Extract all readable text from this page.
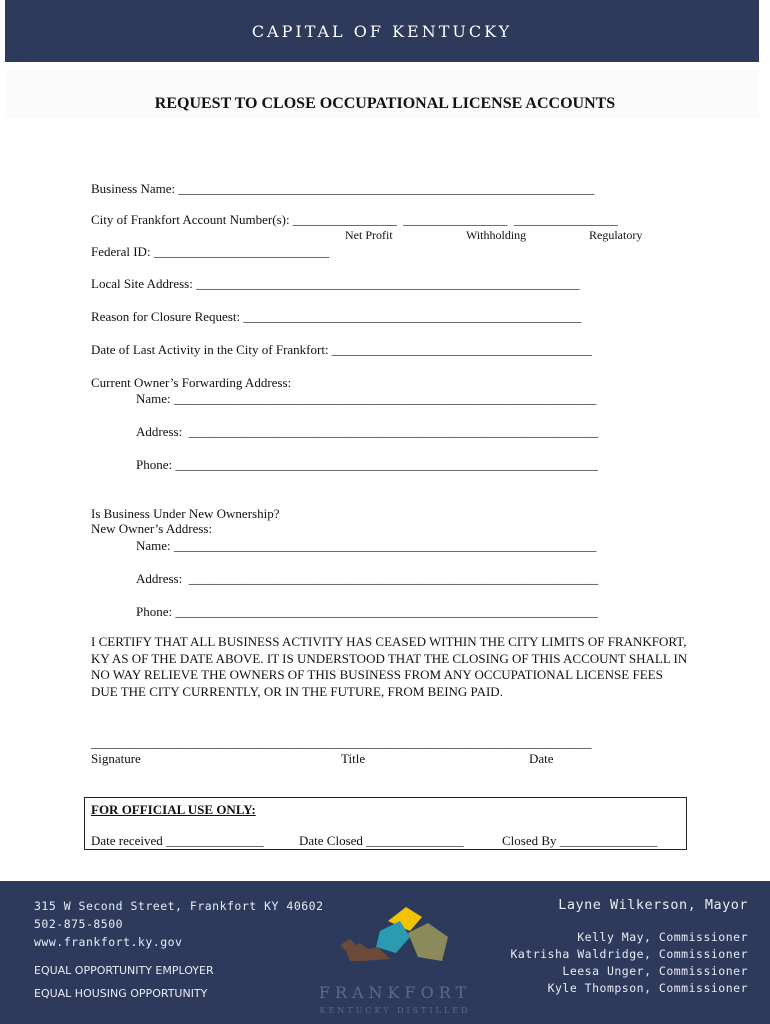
CAPITAL OF KENTUCKY
REQUEST TO CLOSE OCCUPATIONAL LICENSE ACCOUNTS
Business Name: ________________________________________________________________
City of Frankfort Account Number(s): ________________  ________________  ________________
Net Profit	Withholding	Regulatory
Federal ID: ___________________________
Local Site Address: ___________________________________________________________
Reason for Closure Request: ____________________________________________________
Date of Last Activity in the City of Frankfort: ________________________________________
Current Owner’s Forwarding Address:
Name: _________________________________________________________________
Address:  _______________________________________________________________
Phone: _________________________________________________________________
Is Business Under New Ownership?
New Owner’s Address:
Name: _________________________________________________________________
Address:  _______________________________________________________________
Phone: _________________________________________________________________
I CERTIFY THAT ALL BUSINESS ACTIVITY HAS CEASED WITHIN THE CITY LIMITS OF FRANKFORT, KY AS OF THE DATE ABOVE. IT IS UNDERSTOOD THAT THE CLOSING OF THIS ACCOUNT SHALL IN NO WAY RELIEVE THE OWNERS OF THIS BUSINESS FROM ANY OCCUPATIONAL LICENSE FEES DUE THE CITY CURRENTLY, OR IN THE FUTURE, FROM BEING PAID.
_____________________________________________________________________________
Signature	Title	Date
FOR OFFICIAL USE ONLY:
Date received _______________	Date Closed _______________	Closed By _______________
315 W Second Street, Frankfort KY 40602
502-875-8500
www.frankfort.ky.gov
EQUAL OPPORTUNITY EMPLOYER
EQUAL HOUSING OPPORTUNITY	FRANKFORT
KENTUCKY DISTILLED
Layne Wilkerson, Mayor
Kelly May, Commissioner
Katrisha Waldridge, Commissioner
Leesa Unger, Commissioner
Kyle Thompson, Commissioner
